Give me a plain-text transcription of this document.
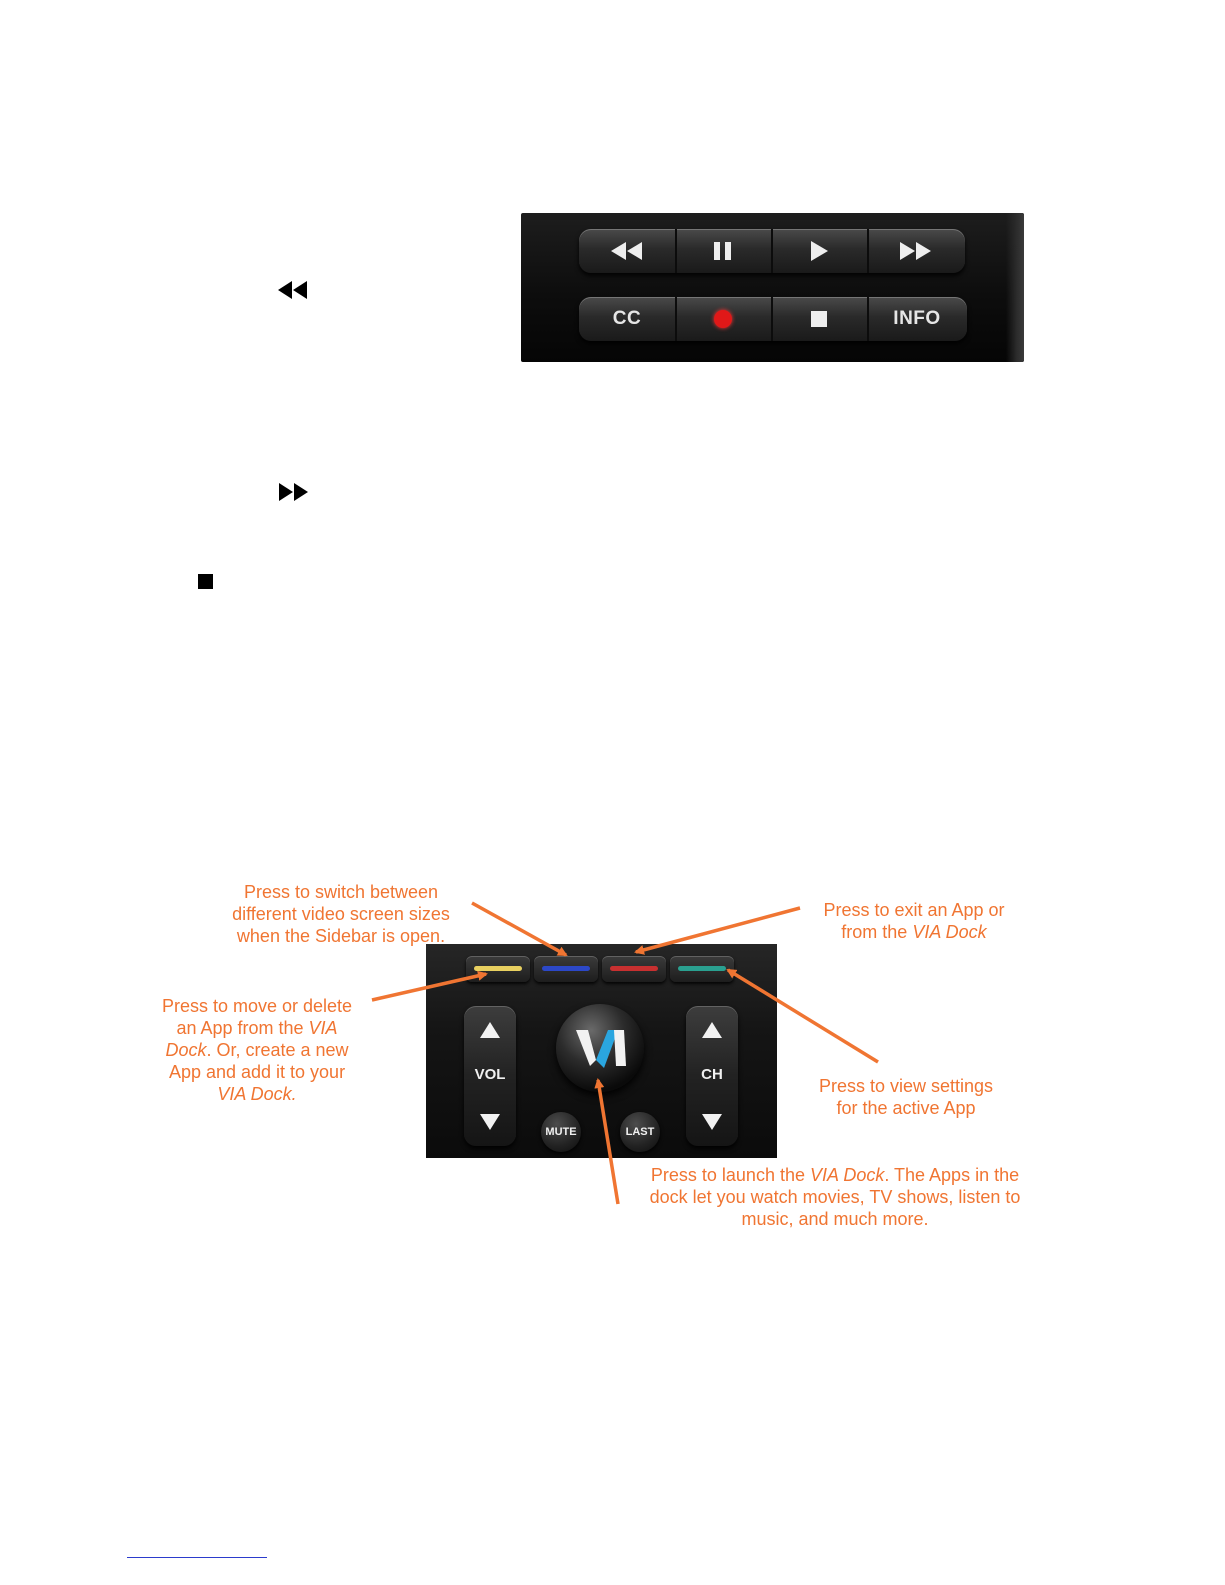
CC	INFO
VOL
MUTE	LAST
CH
Press to switch between
different video screen sizes
when the Sidebar is open.
Press to exit an App or
from the VIA Dock
Press to move or delete
an App from the VIA
Dock. Or, create a new
App and add it to your
VIA Dock.	Press to view settings
for the active App
Press to launch the VIA Dock. The Apps in the
dock let you watch movies, TV shows, listen to
music, and much more.
